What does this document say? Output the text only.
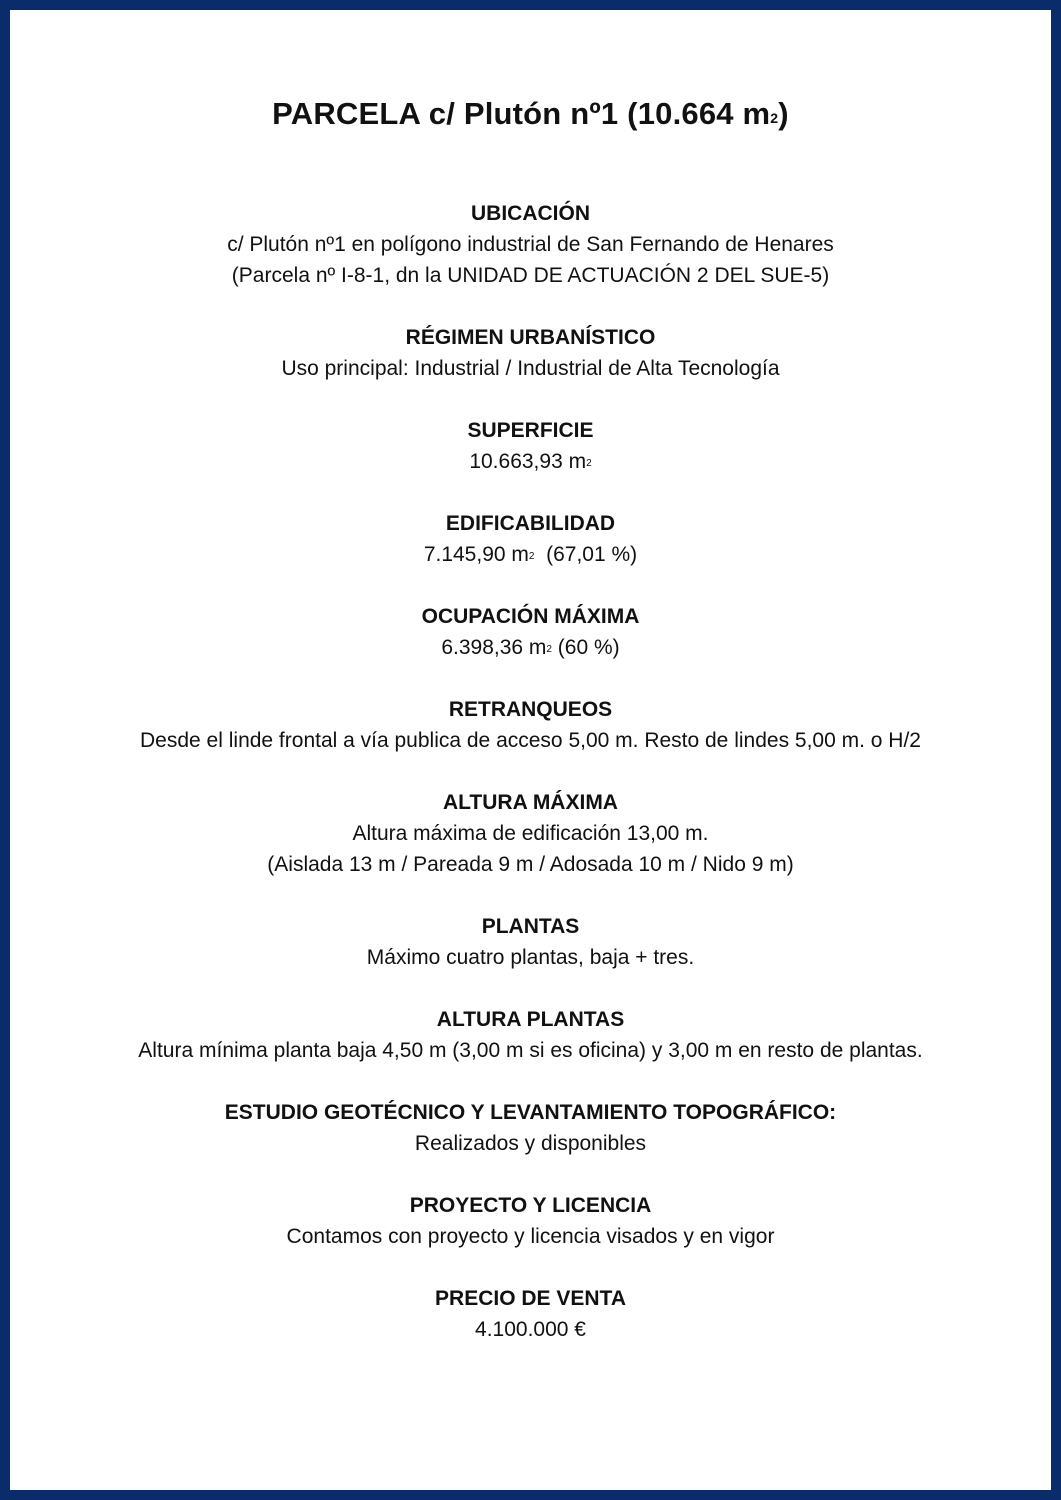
PARCELA c/ Plutón nº1 (10.664 $m^2$)
UBICACIÓN
c/ Plutón nº1 en polígono industrial de San Fernando de Henares
(Parcela nº I-8-1, dn la UNIDAD DE ACTUACIÓN 2 DEL SUE-5)
RÉGIMEN URBANÍSTICO
Uso principal: Industrial / Industrial de Alta Tecnología
SUPERFICIE
10.663,93 $m^2$
EDIFICABILIDAD
7.145,90 $m^2$  (67,01 %)
OCUPACIÓN MÁXIMA
6.398,36 $m^2$ (60 %)
RETRANQUEOS
Desde el linde frontal a vía publica de acceso 5,00 m. Resto de lindes 5,00 m. o H/2
ALTURA MÁXIMA
Altura máxima de edificación 13,00 m.
(Aislada 13 m / Pareada 9 m / Adosada 10 m / Nido 9 m)
PLANTAS
Máximo cuatro plantas, baja + tres.
ALTURA PLANTAS
Altura mínima planta baja 4,50 m (3,00 m si es oficina) y 3,00 m en resto de plantas.
ESTUDIO GEOTÉCNICO Y LEVANTAMIENTO TOPOGRÁFICO:
Realizados y disponibles
PROYECTO Y LICENCIA
Contamos con proyecto y licencia visados y en vigor
PRECIO DE VENTA
4.100.000 €
